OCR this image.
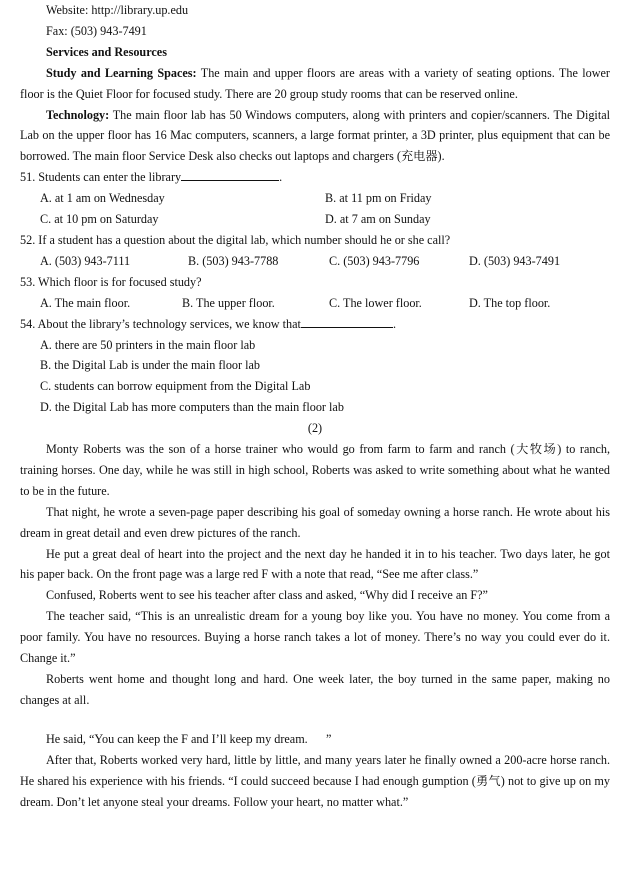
Website: http://library.up.edu
Fax: (503) 943-7491
Services and Resources
Study and Learning Spaces: The main and upper floors are areas with a variety of seating options. The lower floor is the Quiet Floor for focused study. There are 20 group study rooms that can be reserved online.
Technology: The main floor lab has 50 Windows computers, along with printers and copier/scanners. The Digital Lab on the upper floor has 16 Mac computers, scanners, a large format printer, a 3D printer, plus equipment that can be borrowed. The main floor Service Desk also checks out laptops and chargers (充电器).
51. Students can enter the library	.
A. at 1 am on Wednesday	B. at 11 pm on Friday
C. at 10 pm on Saturday	D. at 7 am on Sunday
52. If a student has a question about the digital lab, which number should he or she call?
A. (503) 943-7111	B. (503) 943-7788	C. (503) 943-7796	D. (503) 943-7491
53. Which floor is for focused study?
A. The main floor.	B. The upper floor.	C. The lower floor.	D. The top floor.
54. About the library’s technology services, we know that	.
A. there are 50 printers in the main floor lab
B. the Digital Lab is under the main floor lab
C. students can borrow equipment from the Digital Lab
D. the Digital Lab has more computers than the main floor lab
(2)
Monty Roberts was the son of a horse trainer who would go from farm to farm and ranch (大牧场) to ranch, training horses. One day, while he was still in high school, Roberts was asked to write something about what he wanted to be in the future.
That night, he wrote a seven-page paper describing his goal of someday owning a horse ranch. He wrote about his dream in great detail and even drew pictures of the ranch.
He put a great deal of heart into the project and the next day he handed it in to his teacher. Two days later, he got his paper back. On the front page was a large red F with a note that read, “See me after class.”
Confused, Roberts went to see his teacher after class and asked, “Why did I receive an F?”
The teacher said, “This is an unrealistic dream for a young boy like you. You have no money. You come from a poor family. You have no resources. Buying a horse ranch takes a lot of money. There’s no way you could ever do it. Change it.”
Roberts went home and thought long and hard. One week later, the boy turned in the same paper, making no changes at all.
He said, “You can keep the F and I’ll keep my dream.      ”
After that, Roberts worked very hard, little by little, and many years later he finally owned a 200-acre horse ranch. He shared his experience with his friends. “I could succeed because I had enough gumption (勇气) not to give up on my dream. Don’t let anyone steal your dreams. Follow your heart, no matter what.”
